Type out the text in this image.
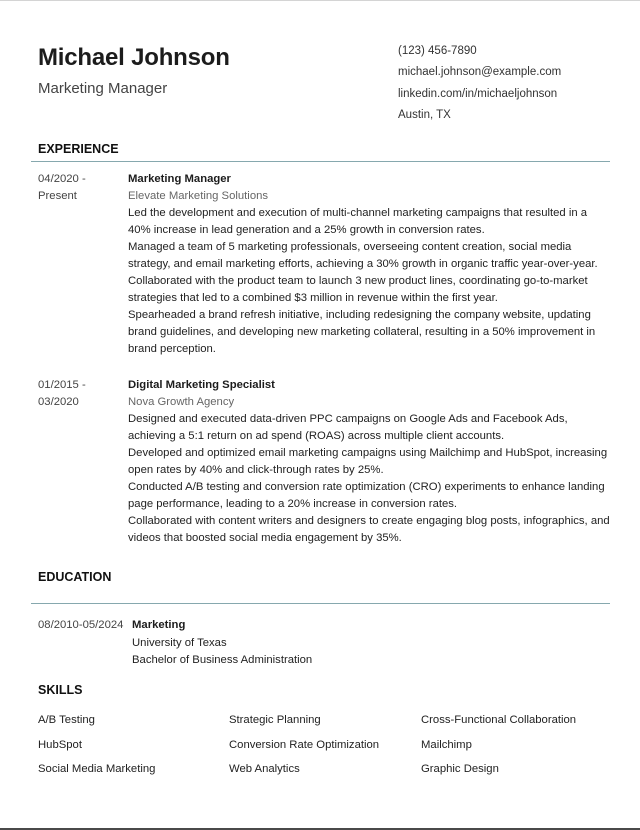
Michael Johnson
Marketing Manager
(123) 456-7890
michael.johnson@example.com
linkedin.com/in/michaeljohnson
Austin, TX
EXPERIENCE
04/2020 -
Present
Marketing Manager
Elevate Marketing Solutions
Led the development and execution of multi-channel marketing campaigns that resulted in a 40% increase in lead generation and a 25% growth in conversion rates.
Managed a team of 5 marketing professionals, overseeing content creation, social media strategy, and email marketing efforts, achieving a 30% growth in organic traffic year-over-year.
Collaborated with the product team to launch 3 new product lines, coordinating go-to-market strategies that led to a combined $3 million in revenue within the first year.
Spearheaded a brand refresh initiative, including redesigning the company website, updating brand guidelines, and developing new marketing collateral, resulting in a 50% improvement in brand perception.
01/2015 -
03/2020
Digital Marketing Specialist
Nova Growth Agency
Designed and executed data-driven PPC campaigns on Google Ads and Facebook Ads, achieving a 5:1 return on ad spend (ROAS) across multiple client accounts.
Developed and optimized email marketing campaigns using Mailchimp and HubSpot, increasing open rates by 40% and click-through rates by 25%.
Conducted A/B testing and conversion rate optimization (CRO) experiments to enhance landing page performance, leading to a 20% increase in conversion rates.
Collaborated with content writers and designers to create engaging blog posts, infographics, and videos that boosted social media engagement by 35%.
EDUCATION
08/2010-05/2024 Marketing
University of Texas
Bachelor of Business Administration
SKILLS
A/B Testing	Strategic Planning	Cross-Functional Collaboration
HubSpot	Conversion Rate Optimization	Mailchimp
Social Media Marketing	Web Analytics	Graphic Design
